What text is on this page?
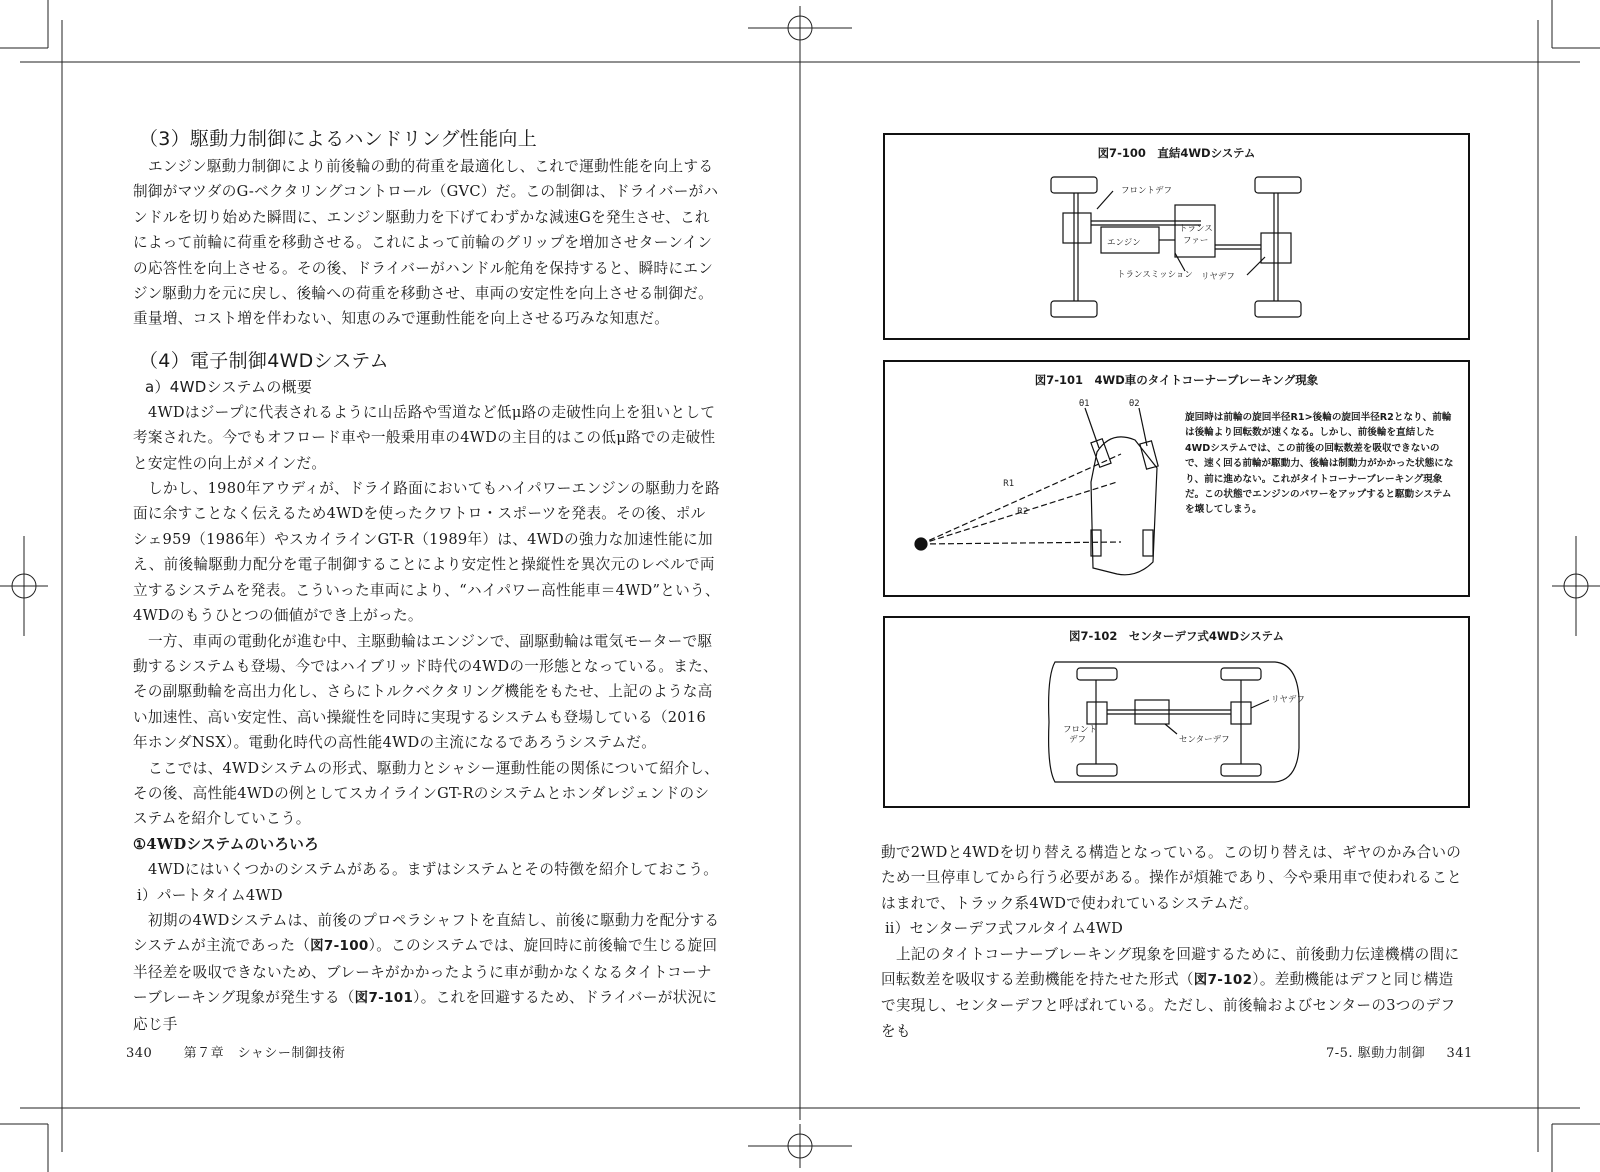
（3）駆動力制御によるハンドリング性能向上

エンジン駆動力制御により前後輪の動的荷重を最適化し、これで運動性能を向上する制御がマツダのG-ベクタリングコントロール（GVC）だ。この制御は、ドライバーがハンドルを切り始めた瞬間に、エンジン駆動力を下げてわずかな減速Gを発生させ、これによって前輪に荷重を移動させる。これによって前輪のグリップを増加させターンインの応答性を向上させる。その後、ドライバーがハンドル舵角を保持すると、瞬時にエンジン駆動力を元に戻し、後輪への荷重を移動させ、車両の安定性を向上させる制御だ。重量増、コスト増を伴わない、知恵のみで運動性能を向上させる巧みな知恵だ。

（4）電子制御4WDシステム
a）4WDシステムの概要

4WDはジープに代表されるように山岳路や雪道など低μ路の走破性向上を狙いとして考案された。今でもオフロード車や一般乗用車の4WDの主目的はこの低μ路での走破性と安定性の向上がメインだ。

しかし、1980年アウディが、ドライ路面においてもハイパワーエンジンの駆動力を路面に余すことなく伝えるため4WDを使ったクワトロ・スポーツを発表。その後、ポルシェ959（1986年）やスカイラインGT-R（1989年）は、4WDの強力な加速性能に加え、前後輪駆動力配分を電子制御することにより安定性と操縦性を異次元のレベルで両立するシステムを発表。こういった車両により、“ハイパワー高性能車＝4WD”という、4WDのもうひとつの価値ができ上がった。

一方、車両の電動化が進む中、主駆動輪はエンジンで、副駆動輪は電気モーターで駆動するシステムも登場、今ではハイブリッド時代の4WDの一形態となっている。また、その副駆動輪を高出力化し、さらにトルクベクタリング機能をもたせ、上記のような高い加速性、高い安定性、高い操縦性を同時に実現するシステムも登場している（2016年ホンダNSX）。電動化時代の高性能4WDの主流になるであろうシステムだ。

ここでは、4WDシステムの形式、駆動力とシャシー運動性能の関係について紹介し、その後、高性能4WDの例としてスカイラインGT-Rのシステムとホンダレジェンドのシステムを紹介していこう。

①4WDシステムのいろいろ

4WDにはいくつかのシステムがある。まずはシステムとその特徴を紹介しておこう。

ⅰ）パートタイム4WD

初期の4WDシステムは、前後のプロペラシャフトを直結し、前後に駆動力を配分するシステムが主流であった（図7-100）。このシステムでは、旋回時に前後輪で生じる旋回半径差を吸収できないため、ブレーキがかかったように車が動かなくなるタイトコーナーブレーキング現象が発生する（図7-101）。これを回避するため、ドライバーが状況に応じ手

340 第７章　シャシー制御技術
図7-100　直結4WDシステム
フロントデフ
エンジン
トランス
ファー
トランスミッション リヤデフ
図7-101　4WD車のタイトコーナーブレーキング現象
θ1	θ2
R1
R2
旋回時は前輪の旋回半径R1>後輪の旋回半径R2となり、前輪は後輪より回転数が速くなる。しかし、前後輪を直結した4WDシステムでは、この前後の回転数差を吸収できないので、速く回る前輪が駆動力、後輪は制動力がかかった状態になり、前に進めない。これがタイトコーナーブレーキング現象だ。この状態でエンジンのパワーをアップすると駆動システムを壊してしまう。
図7-102　センターデフ式4WDシステム
フロント
デフ	センターデフ
リヤデフ

動で2WDと4WDを切り替える構造となっている。この切り替えは、ギヤのかみ合いのため一旦停車してから行う必要がある。操作が煩雑であり、今や乗用車で使われることはまれで、トラック系4WDで使われているシステムだ。

ⅱ）センターデフ式フルタイム4WD

上記のタイトコーナーブレーキング現象を回避するために、前後動力伝達機構の間に回転数差を吸収する差動機能を持たせた形式（図7-102）。差動機能はデフと同じ構造で実現し、センターデフと呼ばれている。ただし、前後輪およびセンターの3つのデフをも

7-5. 駆動力制御 341
